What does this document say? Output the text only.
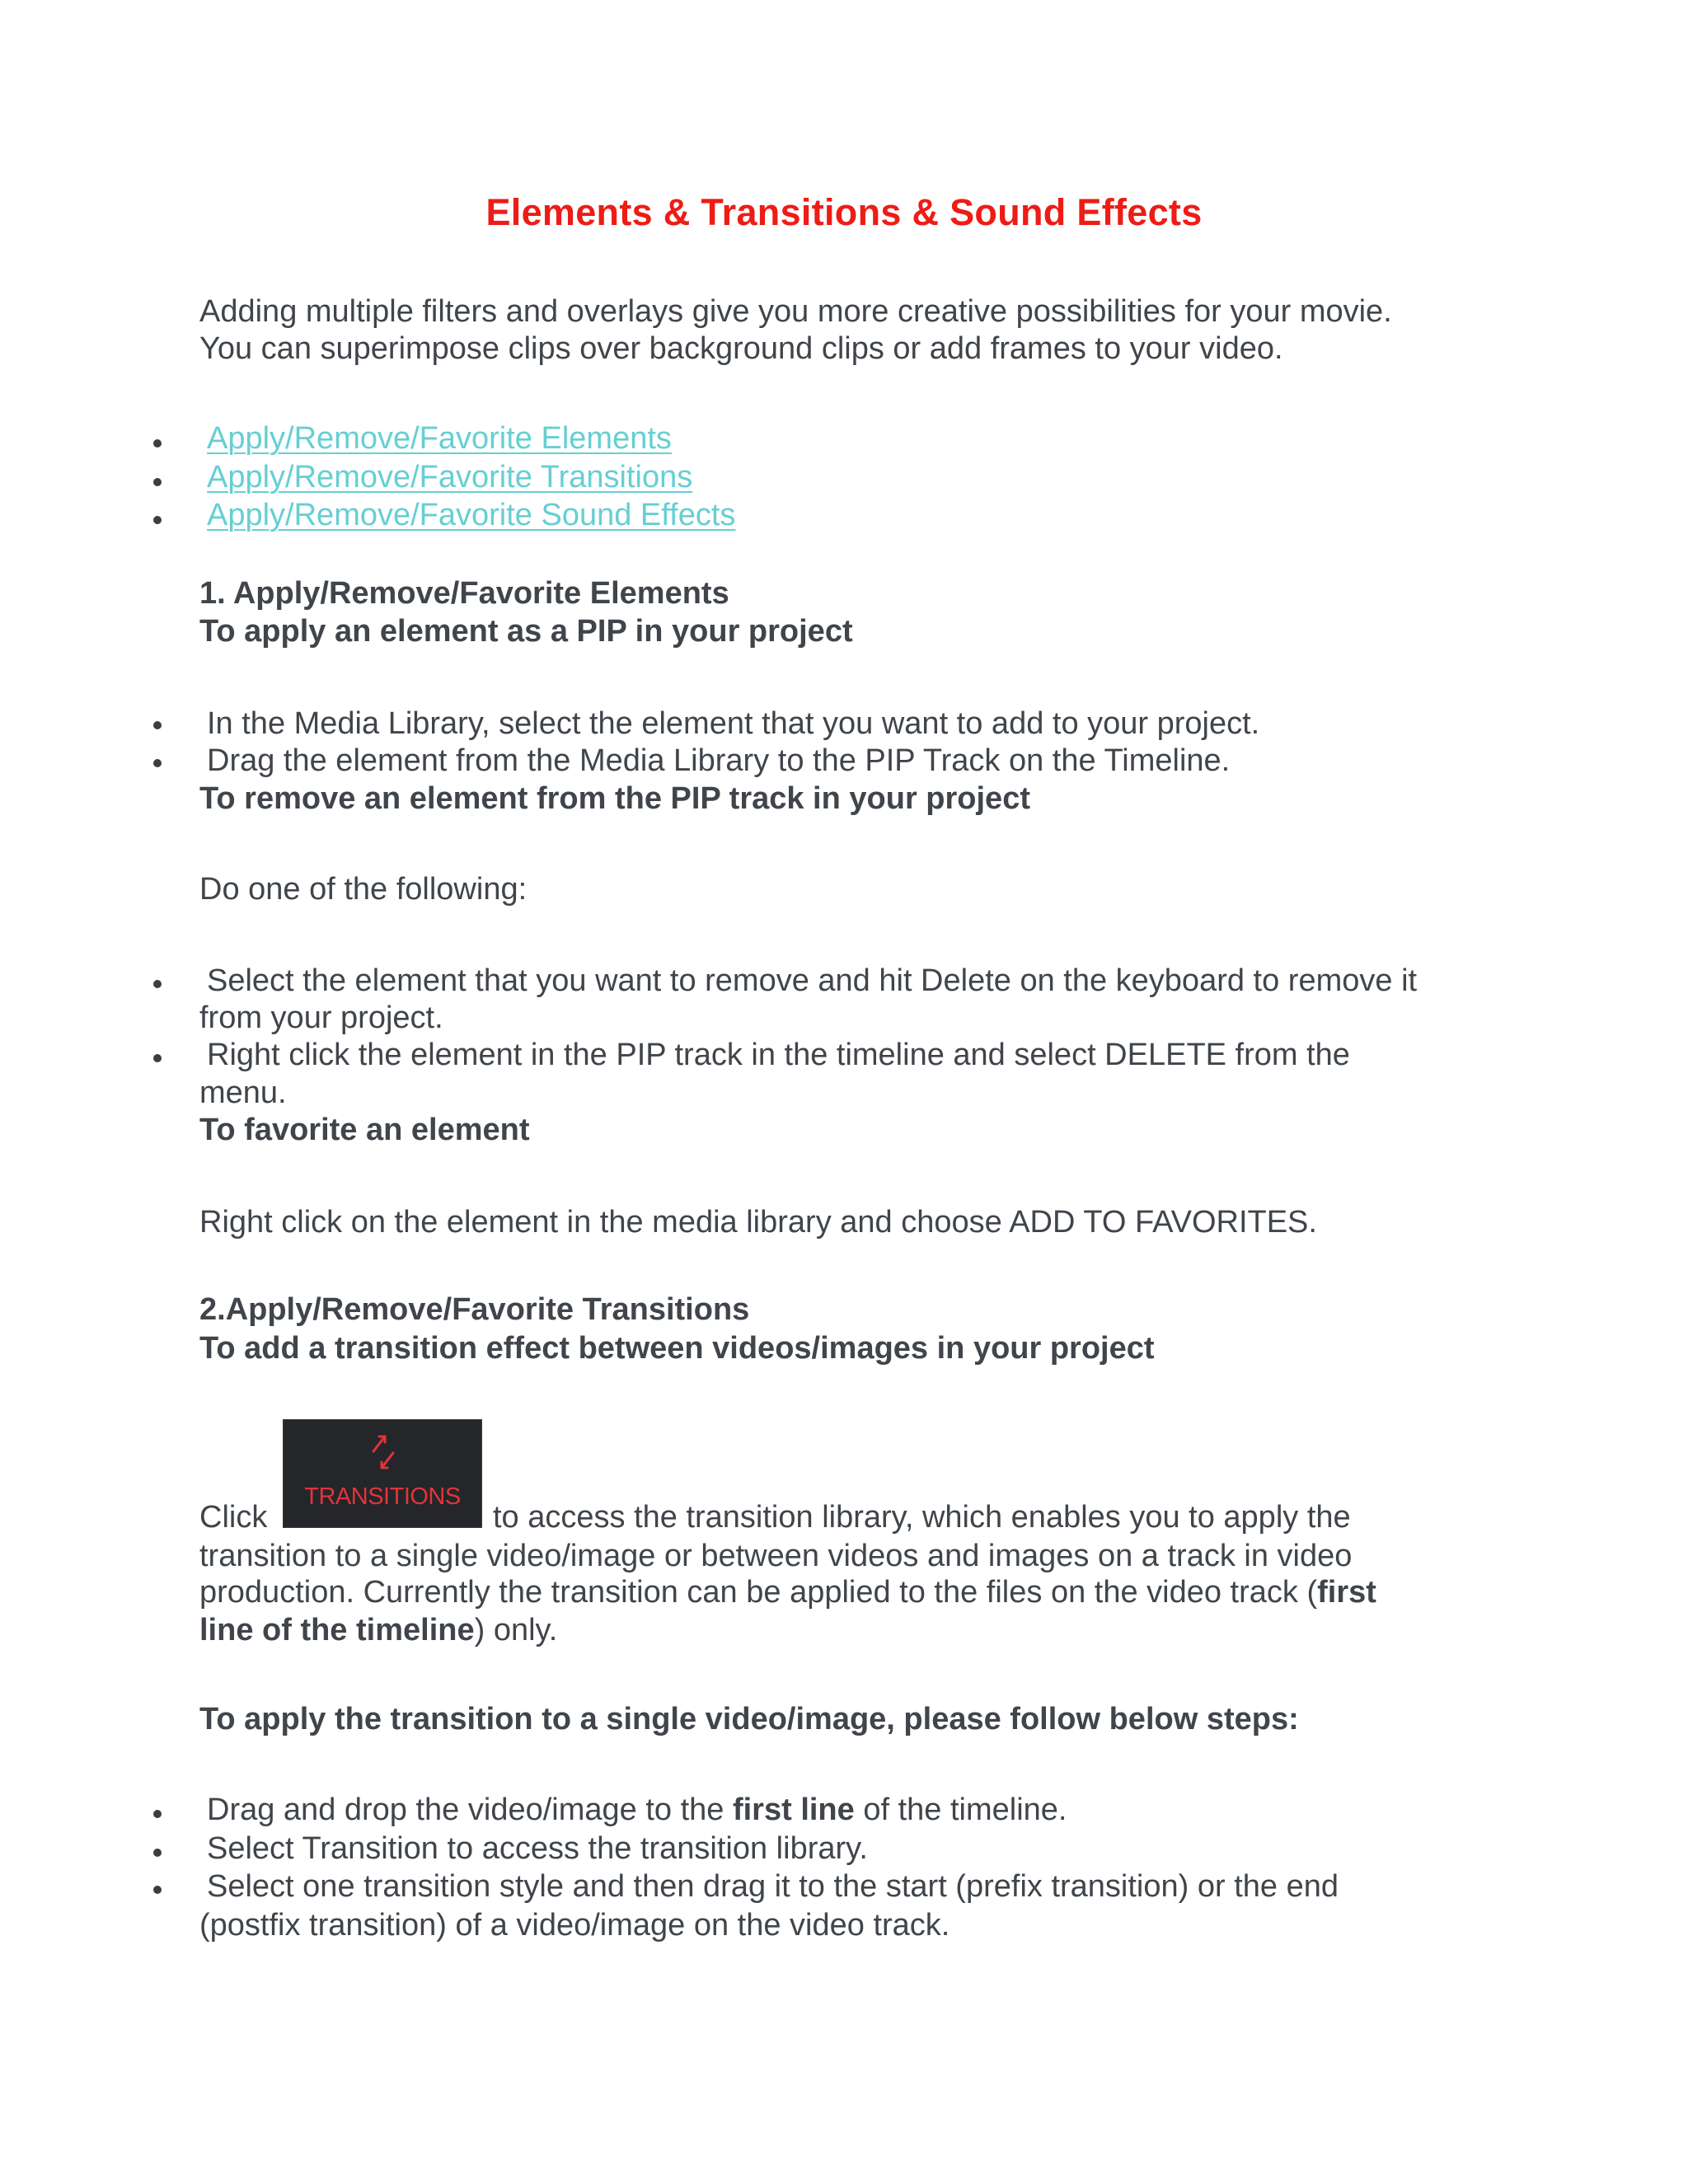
Elements & Transitions & Sound Effects
Adding multiple filters and overlays give you more creative possibilities for your movie.
You can superimpose clips over background clips or add frames to your video.
Apply/Remove/Favorite Elements
Apply/Remove/Favorite Transitions
Apply/Remove/Favorite Sound Effects
1. Apply/Remove/Favorite Elements
To apply an element as a PIP in your project
In the Media Library, select the element that you want to add to your project.
Drag the element from the Media Library to the PIP Track on the Timeline.
To remove an element from the PIP track in your project
Do one of the following:
Select the element that you want to remove and hit Delete on the keyboard to remove it
from your project.
Right click the element in the PIP track in the timeline and select DELETE from the
menu.
To favorite an element
Right click on the element in the media library and choose ADD TO FAVORITES.
2.Apply/Remove/Favorite Transitions
To add a transition effect between videos/images in your project
Click
TRANSITIONS
to access the transition library, which enables you to apply the
transition to a single video/image or between videos and images on a track in video
production. Currently the transition can be applied to the files on the video track (first
line of the timeline) only.
To apply the transition to a single video/image, please follow below steps:
Drag and drop the video/image to the first line of the timeline.
Select Transition to access the transition library.
Select one transition style and then drag it to the start (prefix transition) or the end
(postfix transition) of a video/image on the video track.
